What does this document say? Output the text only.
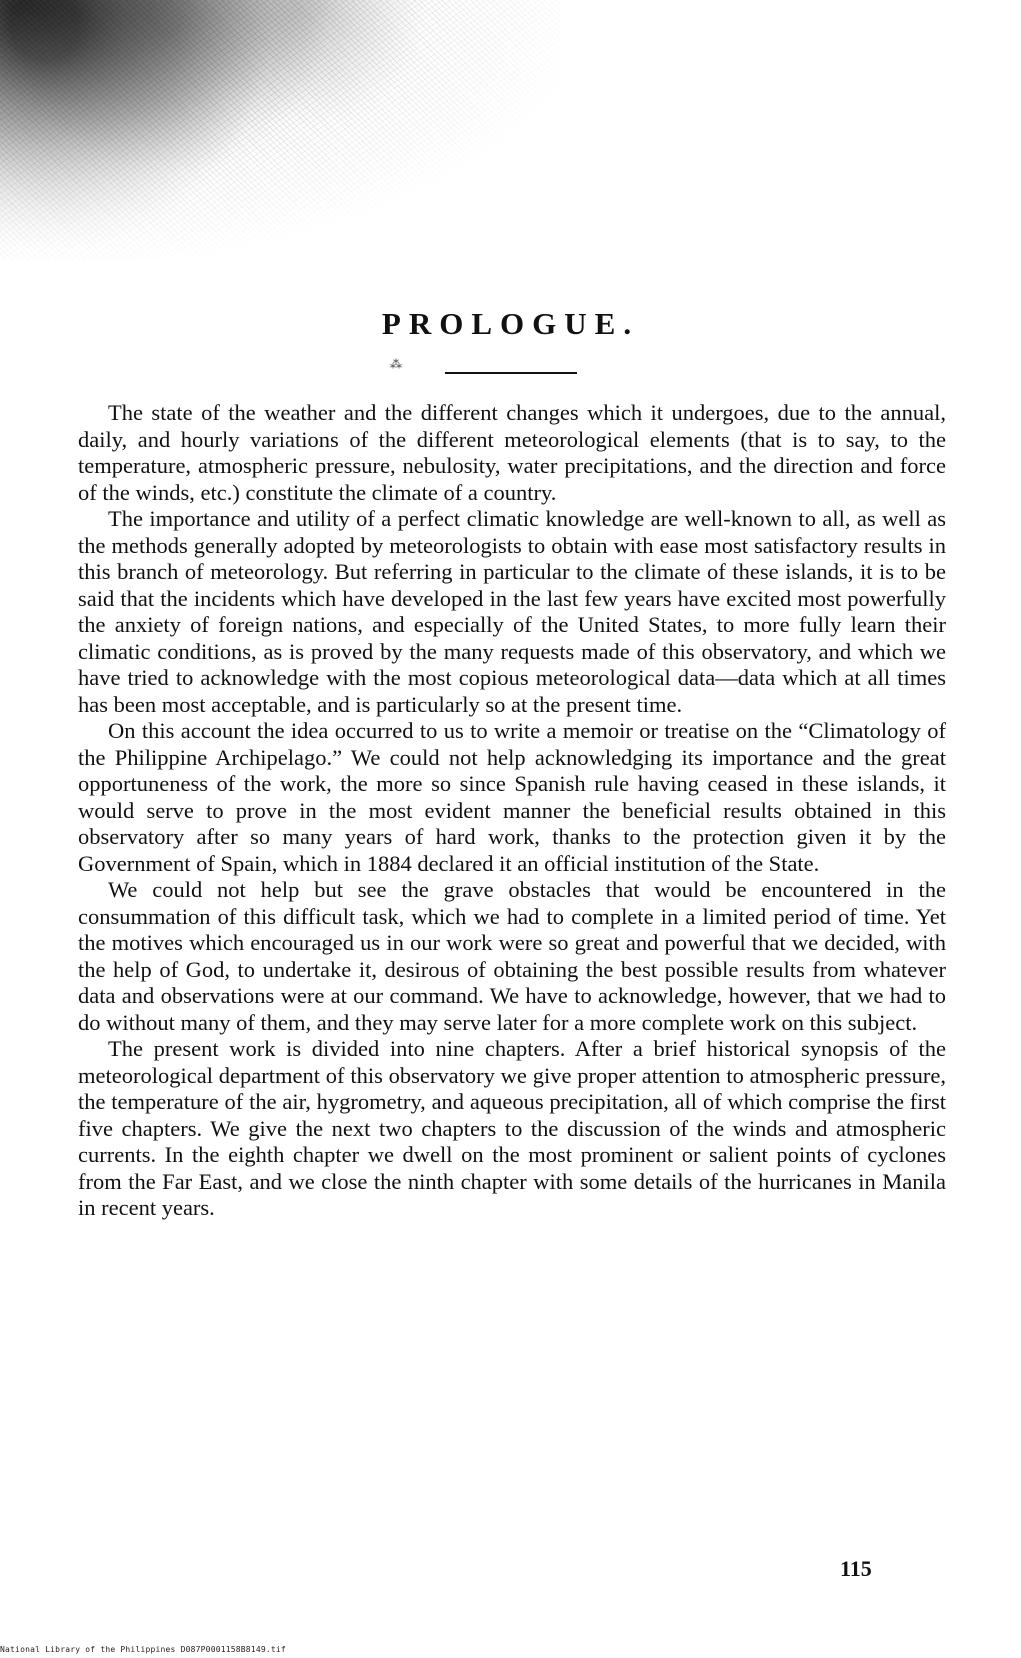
PROLOGUE.
⁂

The state of the weather and the different changes which it undergoes, due to the annual, daily, and hourly variations of the different meteorological elements (that is to say, to the temperature, atmospheric pressure, nebulosity, water precipitations, and the direction and force of the winds, etc.) constitute the climate of a country.

The importance and utility of a perfect climatic knowledge are well-known to all, as well as the methods generally adopted by meteorologists to obtain with ease most satisfactory results in this branch of meteorology. But referring in particular to the climate of these islands, it is to be said that the incidents which have developed in the last few years have excited most powerfully the anxiety of foreign nations, and especially of the United States, to more fully learn their climatic conditions, as is proved by the many requests made of this observatory, and which we have tried to acknowledge with the most copious meteorological data—data which at all times has been most acceptable, and is particularly so at the present time.

On this account the idea occurred to us to write a memoir or treatise on the “Climatology of the Philippine Archipelago.” We could not help acknowledging its importance and the great opportuneness of the work, the more so since Spanish rule having ceased in these islands, it would serve to prove in the most evident manner the beneficial results obtained in this observatory after so many years of hard work, thanks to the protection given it by the Government of Spain, which in 1884 declared it an official institution of the State.

We could not help but see the grave obstacles that would be encountered in the consummation of this difficult task, which we had to complete in a limited period of time. Yet the motives which encouraged us in our work were so great and powerful that we decided, with the help of God, to undertake it, desirous of obtaining the best possible results from whatever data and observations were at our command. We have to acknowledge, however, that we had to do without many of them, and they may serve later for a more complete work on this subject.

The present work is divided into nine chapters. After a brief historical synopsis of the meteorological department of this observatory we give proper attention to atmospheric pressure, the temperature of the air, hygrometry, and aqueous precipitation, all of which comprise the first five chapters. We give the next two chapters to the discussion of the winds and atmospheric currents. In the eighth chapter we dwell on the most prominent or salient points of cyclones from the Far East, and we close the ninth chapter with some details of the hurricanes in Manila in recent years.

115
National Library of the Philippines D087P0001158B8149.tif
